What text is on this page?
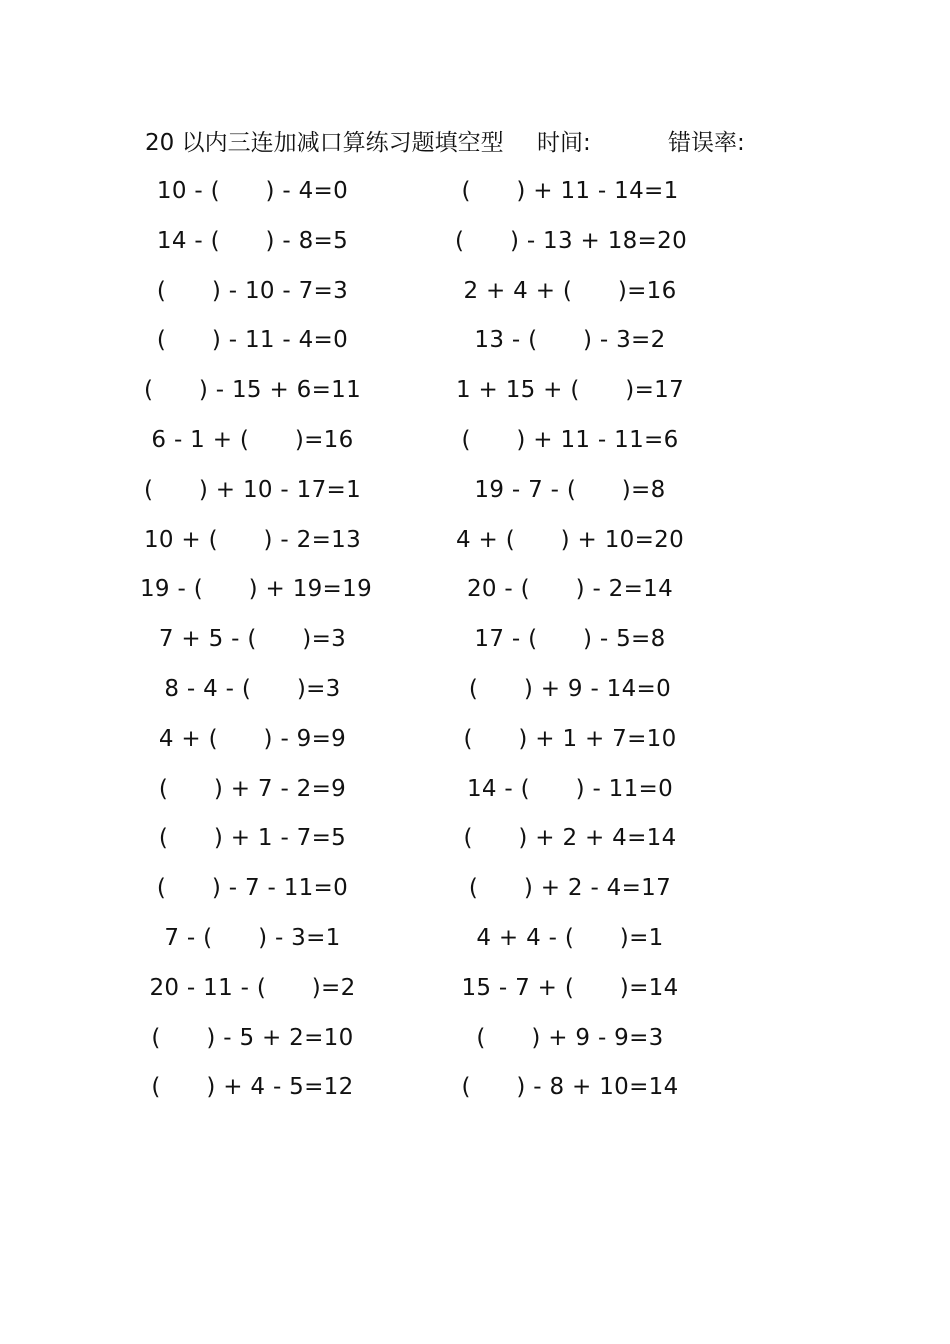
20 以内三连加减口算练习题填空型 时间:	错误率:
10 - (      ) - 4=0
14 - (      ) - 8=5
(      ) - 10 - 7=3
(      ) - 11 - 4=0
(      ) - 15 + 6=11
6 - 1 + (      )=16
(      ) + 10 - 17=1
10 + (      ) - 2=13
19 - (      ) + 19=19
7 + 5 - (      )=3
8 - 4 - (      )=3
4 + (      ) - 9=9
(      ) + 7 - 2=9
(      ) + 1 - 7=5
(      ) - 7 - 11=0
7 - (      ) - 3=1
20 - 11 - (      )=2
(      ) - 5 + 2=10
(      ) + 4 - 5=12
(      ) + 11 - 14=1
(      ) - 13 + 18=20
2 + 4 + (      )=16
13 - (      ) - 3=2
1 + 15 + (      )=17
(      ) + 11 - 11=6
19 - 7 - (      )=8
4 + (      ) + 10=20
20 - (      ) - 2=14
17 - (      ) - 5=8
(      ) + 9 - 14=0
(      ) + 1 + 7=10
14 - (      ) - 11=0
(      ) + 2 + 4=14
(      ) + 2 - 4=17
4 + 4 - (      )=1
15 - 7 + (      )=14
(      ) + 9 - 9=3
(      ) - 8 + 10=14
